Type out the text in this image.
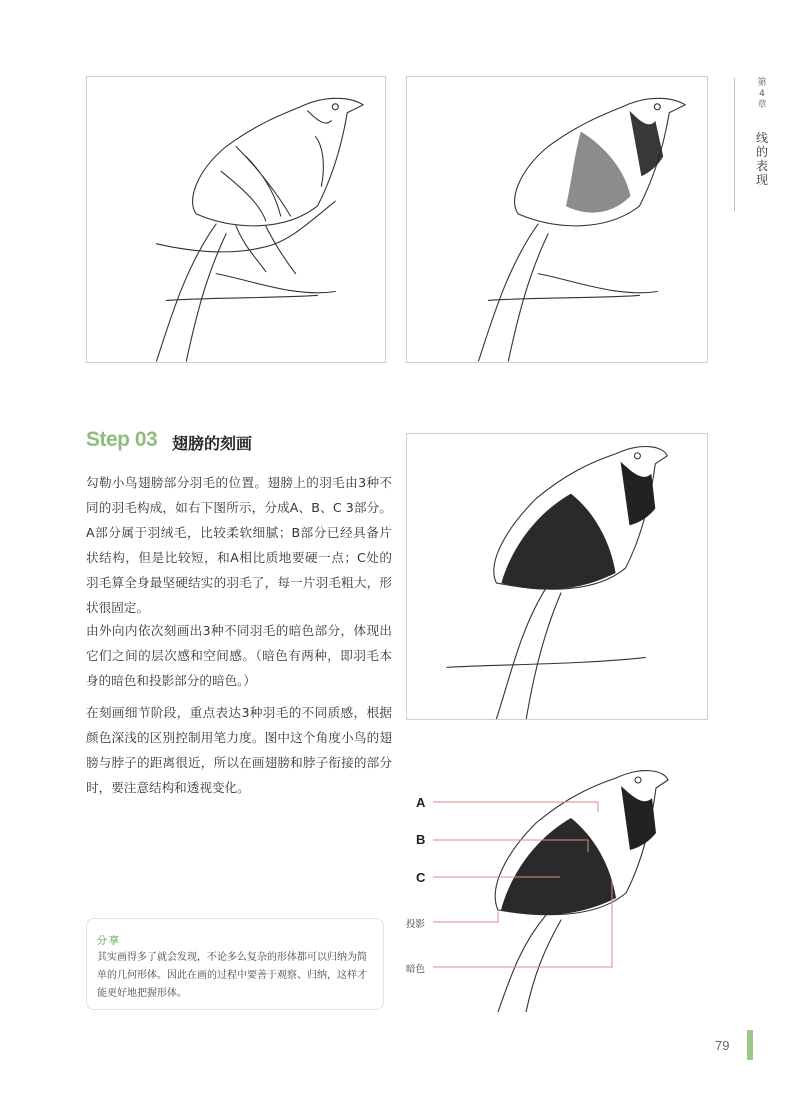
A
B
C
投影
暗色
第
4
章
线的表现
Step 03 翅膀的刻画

勾勒小鸟翅膀部分羽毛的位置。翅膀上的羽毛由3种不同的羽毛构成，如右下图所示，分成A、B、C 3部分。A部分属于羽绒毛，比较柔软细腻；B部分已经具备片状结构，但是比较短，和A相比质地要硬一点；C处的羽毛算全身最坚硬结实的羽毛了，每一片羽毛粗大，形状很固定。

由外向内依次刻画出3种不同羽毛的暗色部分，体现出它们之间的层次感和空间感。（暗色有两种，即羽毛本身的暗色和投影部分的暗色。）

在刻画细节阶段，重点表达3种羽毛的不同质感，根据颜色深浅的区别控制用笔力度。图中这个角度小鸟的翅膀与脖子的距离很近，所以在画翅膀和脖子衔接的部分时，要注意结构和透视变化。

分享

其实画得多了就会发现，不论多么复杂的形体都可以归纳为简单的几何形体。因此在画的过程中要善于观察、归纳，这样才能更好地把握形体。

79
